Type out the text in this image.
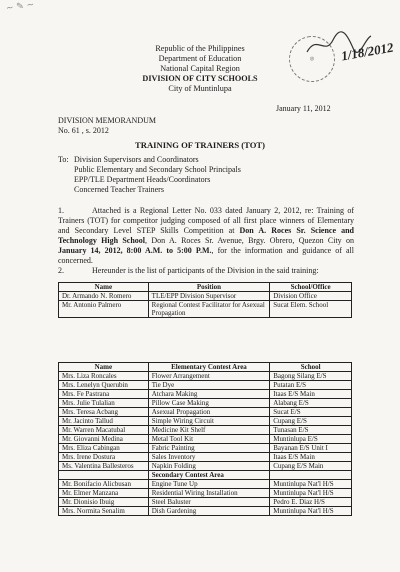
~ ✎ ~
Republic of the Philippines
Department of Education
National Capital Region
DIVISION OF CITY SCHOOLS
City of Muntinlupa
◎	1/18/2012
January 11, 2012
DIVISION MEMORANDUM
No. 61 , s. 2012
TRAINING OF TRAINERS (TOT)
To: Division Supervisors and Coordinators
Public Elementary and Secondary School Principals
EPP/TLE Department Heads/Coordinators
Concerned Teacher Trainers
1.	Attached is a Regional Letter No. 033 dated January 2, 2012, re: Training of Trainers (TOT) for competitor judging composed of all first place winners of Elementary and Secondary Level STEP Skills Competition at Don A. Roces Sr. Science and Technology High School, Don A. Roces Sr. Avenue, Brgy. Obrero, Quezon City on January 14, 2012, 8:00 A.M. to 5:00 P.M., for the information and guidance of all concerned.
2.	Hereunder is the list of participants of the Division in the said training:
Name	Position	School/Office
Dr. Armando N. Romero	TLE/EPP Division Supervisor	Division Office
Mr. Antonio Palmero	Regional Contest Facilitator for Asexual Propagation	Sucat Elem. School
Name	Elementary Contest Area	School
Mrs. Liza Roncales	Flower Arrangement	Bagong Silang E/S
Mrs. Lenelyn Querubin	Tie Dye	Putatan E/S
Mrs. Fe Pastrana	Atchara Making	Itaas E/S Main
Mrs. Julie Tulalian	Pillow Case Making	Alabang E/S
Mrs. Teresa Acbang	Asexual Propagation	Sucat E/S
Mr. Jacinto Tallud	Simple Wiring Circuit	Cupang E/S
Mr. Warren Macatubal	Medicine Kit Shelf	Tunasan E/S
Mr. Giovanni Medina	Metal Tool Kit	Muntinlupa E/S
Mrs. Eliza Cabingan	Fabric Painting	Bayanan E/S Unit I
Mrs. Irene Dostura	Sales Inventory	Itaas E/S Main
Ms. Valentina Ballesteros	Napkin Folding	Cupang E/S Main
	Secondary Contest Area	
Mr. Bonifacio Alicbusan	Engine Tune Up	Muntinlupa Nat'l H/S
Mr. Elmer Manzana	Residential Wiring Installation	Muntinlupa Nat'l H/S
Mr. Dionisio Ibuig	Steel Baluster	Pedro E. Diaz H/S
Mrs. Normita Senalim	Dish Gardening	Muntinlupa Nat'l H/S
